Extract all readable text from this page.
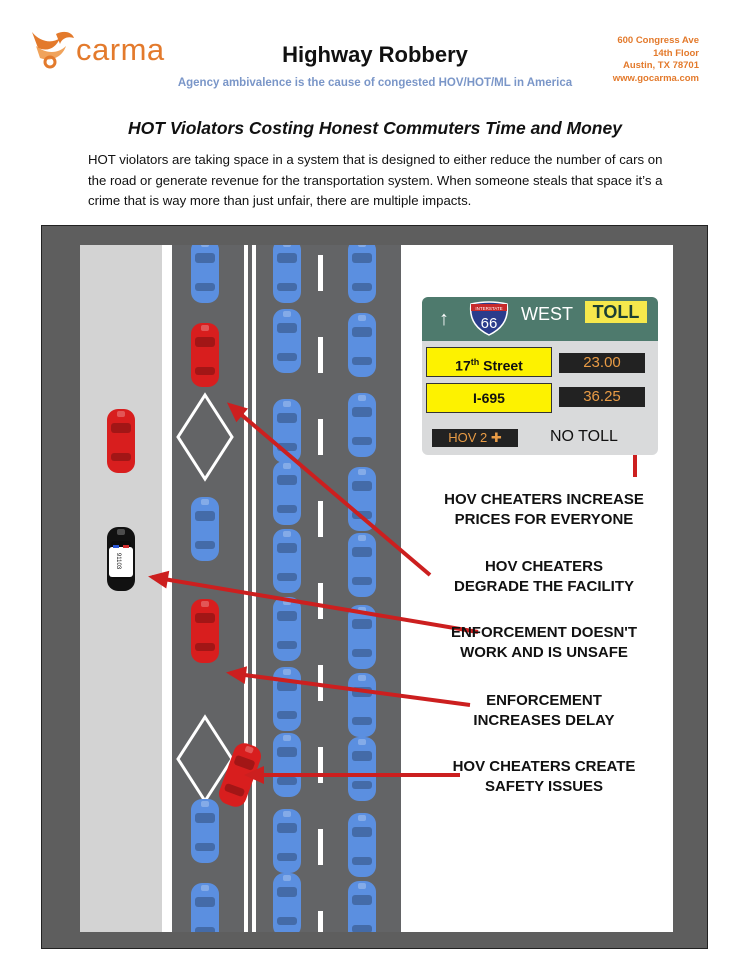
carma	Highway Robbery
Agency ambivalence is the cause of congested HOV/HOT/ML in America
600 Congress Ave
14th Floor
Austin, TX 78701
www.gocarma.com
HOT Violators Costing Honest Commuters Time and Money
HOT violators are taking space in a system that is designed to either reduce the number of cars on the road or generate revenue for the transportation system. When someone steals that space it’s a crime that is way more than just unfair, there are multiple impacts.
91103
↑	INTERSTATE
66 WEST	TOLL
17th Street	23.00
I-695	36.25
HOV 2 ✚	NO TOLL
HOV CHEATERS INCREASE
PRICES FOR EVERYONE
HOV CHEATERS
DEGRADE THE FACILITY
ENFORCEMENT DOESN'T
WORK AND IS UNSAFE
ENFORCEMENT
INCREASES DELAY
HOV CHEATERS CREATE
SAFETY ISSUES
